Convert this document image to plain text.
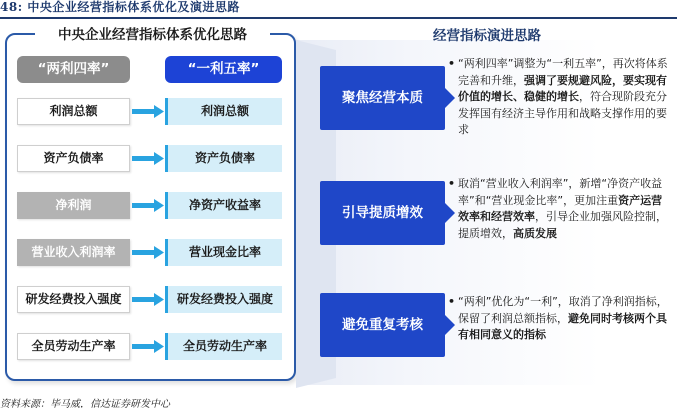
48: 中央企业经营指标体系优化及演进思路
中央企业经营指标体系优化思路
“两利四率”	“一利五率”
利润总额	利润总额
资产负债率	资产负债率
净利润	净资产收益率
营业收入利润率	营业现金比率
研发经费投入强度	研发经费投入强度
全员劳动生产率	全员劳动生产率
经营指标演进思路
聚焦经营本质
引导提质增效
避免重复考核
• “两利四率”调整为“一利五率”，再次将体系完善和升维，强调了要规避风险，要实现有价值的增长、稳健的增长，符合现阶段充分发挥国有经济主导作用和战略支撑作用的要求
• 取消“营业收入利润率”，新增“净资产收益率”和“营业现金比率”，更加注重资产运营效率和经营效率，引导企业加强风险控制，提质增效，高质发展
• “两利”优化为“一利”，取消了净利润指标，保留了利润总额指标，避免同时考核两个具有相同意义的指标
资料来源：毕马威，信达证券研发中心
